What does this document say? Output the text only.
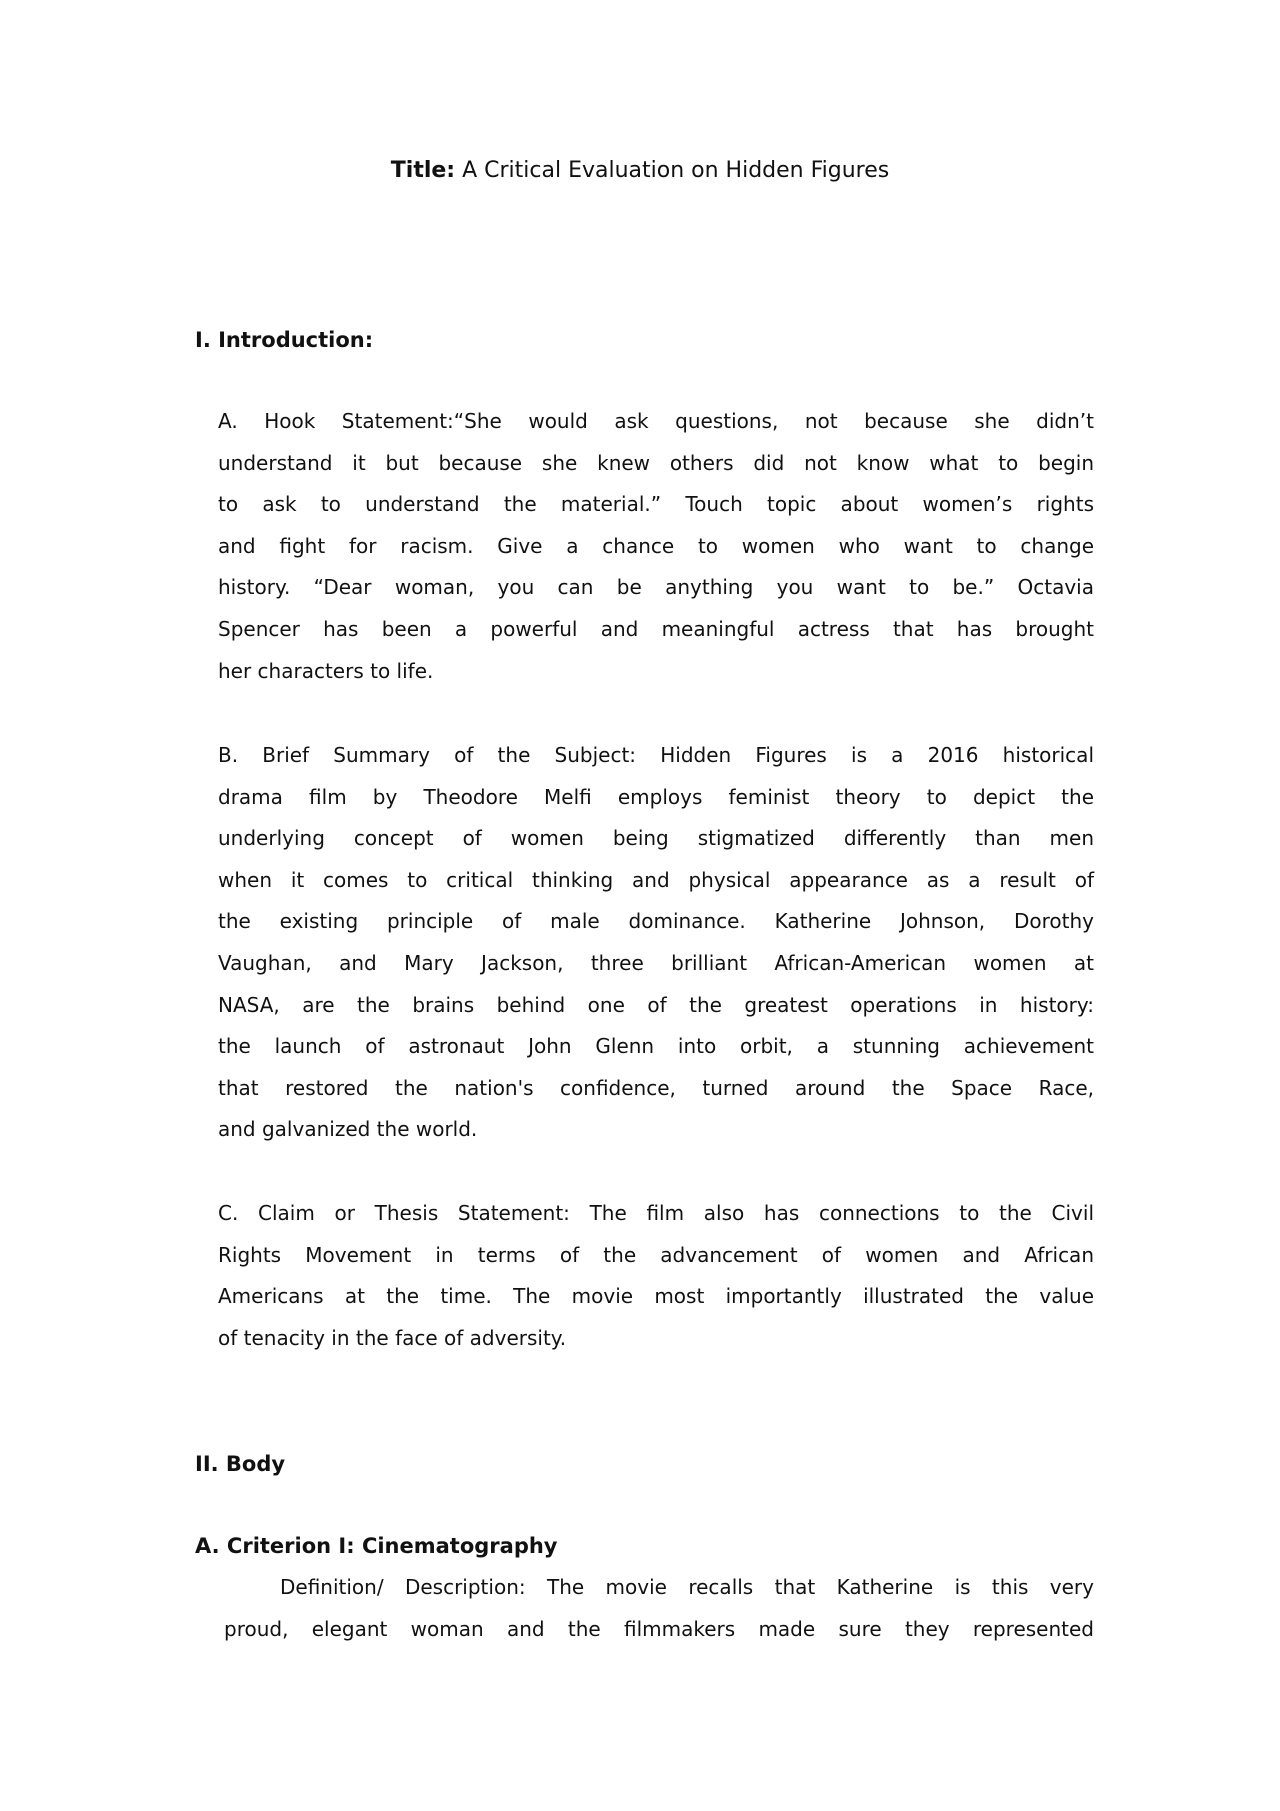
Title: A Critical Evaluation on Hidden Figures
I. Introduction:
A. Hook Statement:“She would ask questions, not because she didn’t
understand it but because she knew others did not know what to begin
to ask to understand the material.” Touch topic about women’s rights
and fight for racism. Give a chance to women who want to change
history. “Dear woman, you can be anything you want to be.” Octavia
Spencer has been a powerful and meaningful actress that has brought
her characters to life.
B. Brief Summary of the Subject: Hidden Figures is a 2016 historical
drama film by Theodore Melfi employs feminist theory to depict the
underlying concept of women being stigmatized differently than men
when it comes to critical thinking and physical appearance as a result of
the existing principle of male dominance. Katherine Johnson, Dorothy
Vaughan, and Mary Jackson, three brilliant African-American women at
NASA, are the brains behind one of the greatest operations in history:
the launch of astronaut John Glenn into orbit, a stunning achievement
that restored the nation's confidence, turned around the Space Race,
and galvanized the world.
C. Claim or Thesis Statement: The film also has connections to the Civil
Rights Movement in terms of the advancement of women and African
Americans at the time. The movie most importantly illustrated the value
of tenacity in the face of adversity.
II. Body
A. Criterion I: Cinematography
Definition/ Description: The movie recalls that Katherine is this very
proud, elegant woman and the filmmakers made sure they represented
